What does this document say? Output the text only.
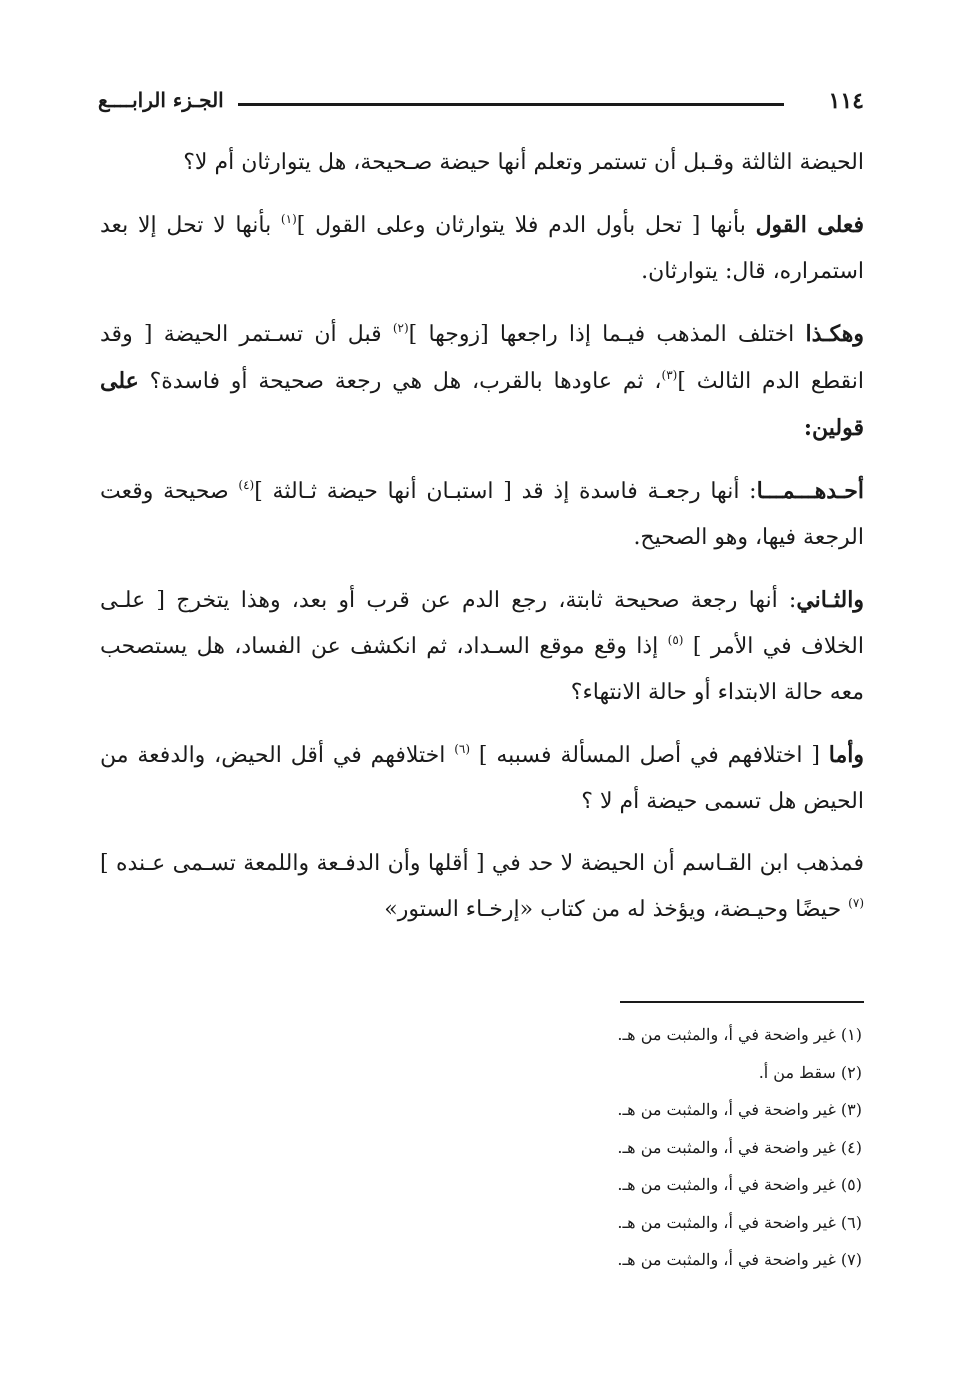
١١٤
الجـزء الرابــــع

الحيضة الثالثة وقـبل أن تستمر وتعلم أنها حيضة صـحيحة، هل يتوارثان أم لا؟

فعلى القول بأنها [ تحل بأول الدم فلا يتوارثان وعلى القول ]$^{(١)}$ بأنها لا تحل إلا بعد استمراره، قال: يتوارثان.

وهكـذا اختلف المذهب فيـما إذا راجعها [زوجها ]$^{(٢)}$ قبل أن تسـتمر الحيضة [ وقد انقطع الدم الثالث ]$^{(٣)}$، ثم عاودها بالقرب، هل هي رجعة صحيحة أو فاسدة؟ على قولين:

أحـدهـــمـــا: أنها رجعـة فاسدة إذ قد [ استبـان أنها حيضة ثـالثة ]$^{(٤)}$ صحيحة وقعت الرجعة فيها، وهو الصحيح.

والثـاني: أنها رجعة صحيحة ثابتة، رجع الدم عن قرب أو بعد، وهذا يتخرج [ علـى الخلاف في الأمر ] $^{(٥)}$ إذا وقع موقع السـداد، ثم انكشف عن الفساد، هل يستصحب معه حالة الابتداء أو حالة الانتهاء؟

وأما [ اختلافهم في أصل المسألة فسببه ] $^{(٦)}$ اختلافهم في أقل الحيض، والدفعة من الحيض هل تسمى حيضة أم لا ؟

فمذهب ابن القـاسم أن الحيضة لا حد في [ أقلها وأن الدفـعة واللمعة تسـمى عـنده ]$^{(٧)}$ حيضًا وحيـضة، ويؤخذ له من كتاب «إرخـاء الستور»

(١) غير واضحة في أ، والمثبت من هـ.

(٢) سقط من أ.

(٣) غير واضحة في أ، والمثبت من هـ.

(٤) غير واضحة في أ، والمثبت من هـ.

(٥) غير واضحة في أ، والمثبت من هـ.

(٦) غير واضحة في أ، والمثبت من هـ.

(٧) غير واضحة في أ، والمثبت من هـ.
